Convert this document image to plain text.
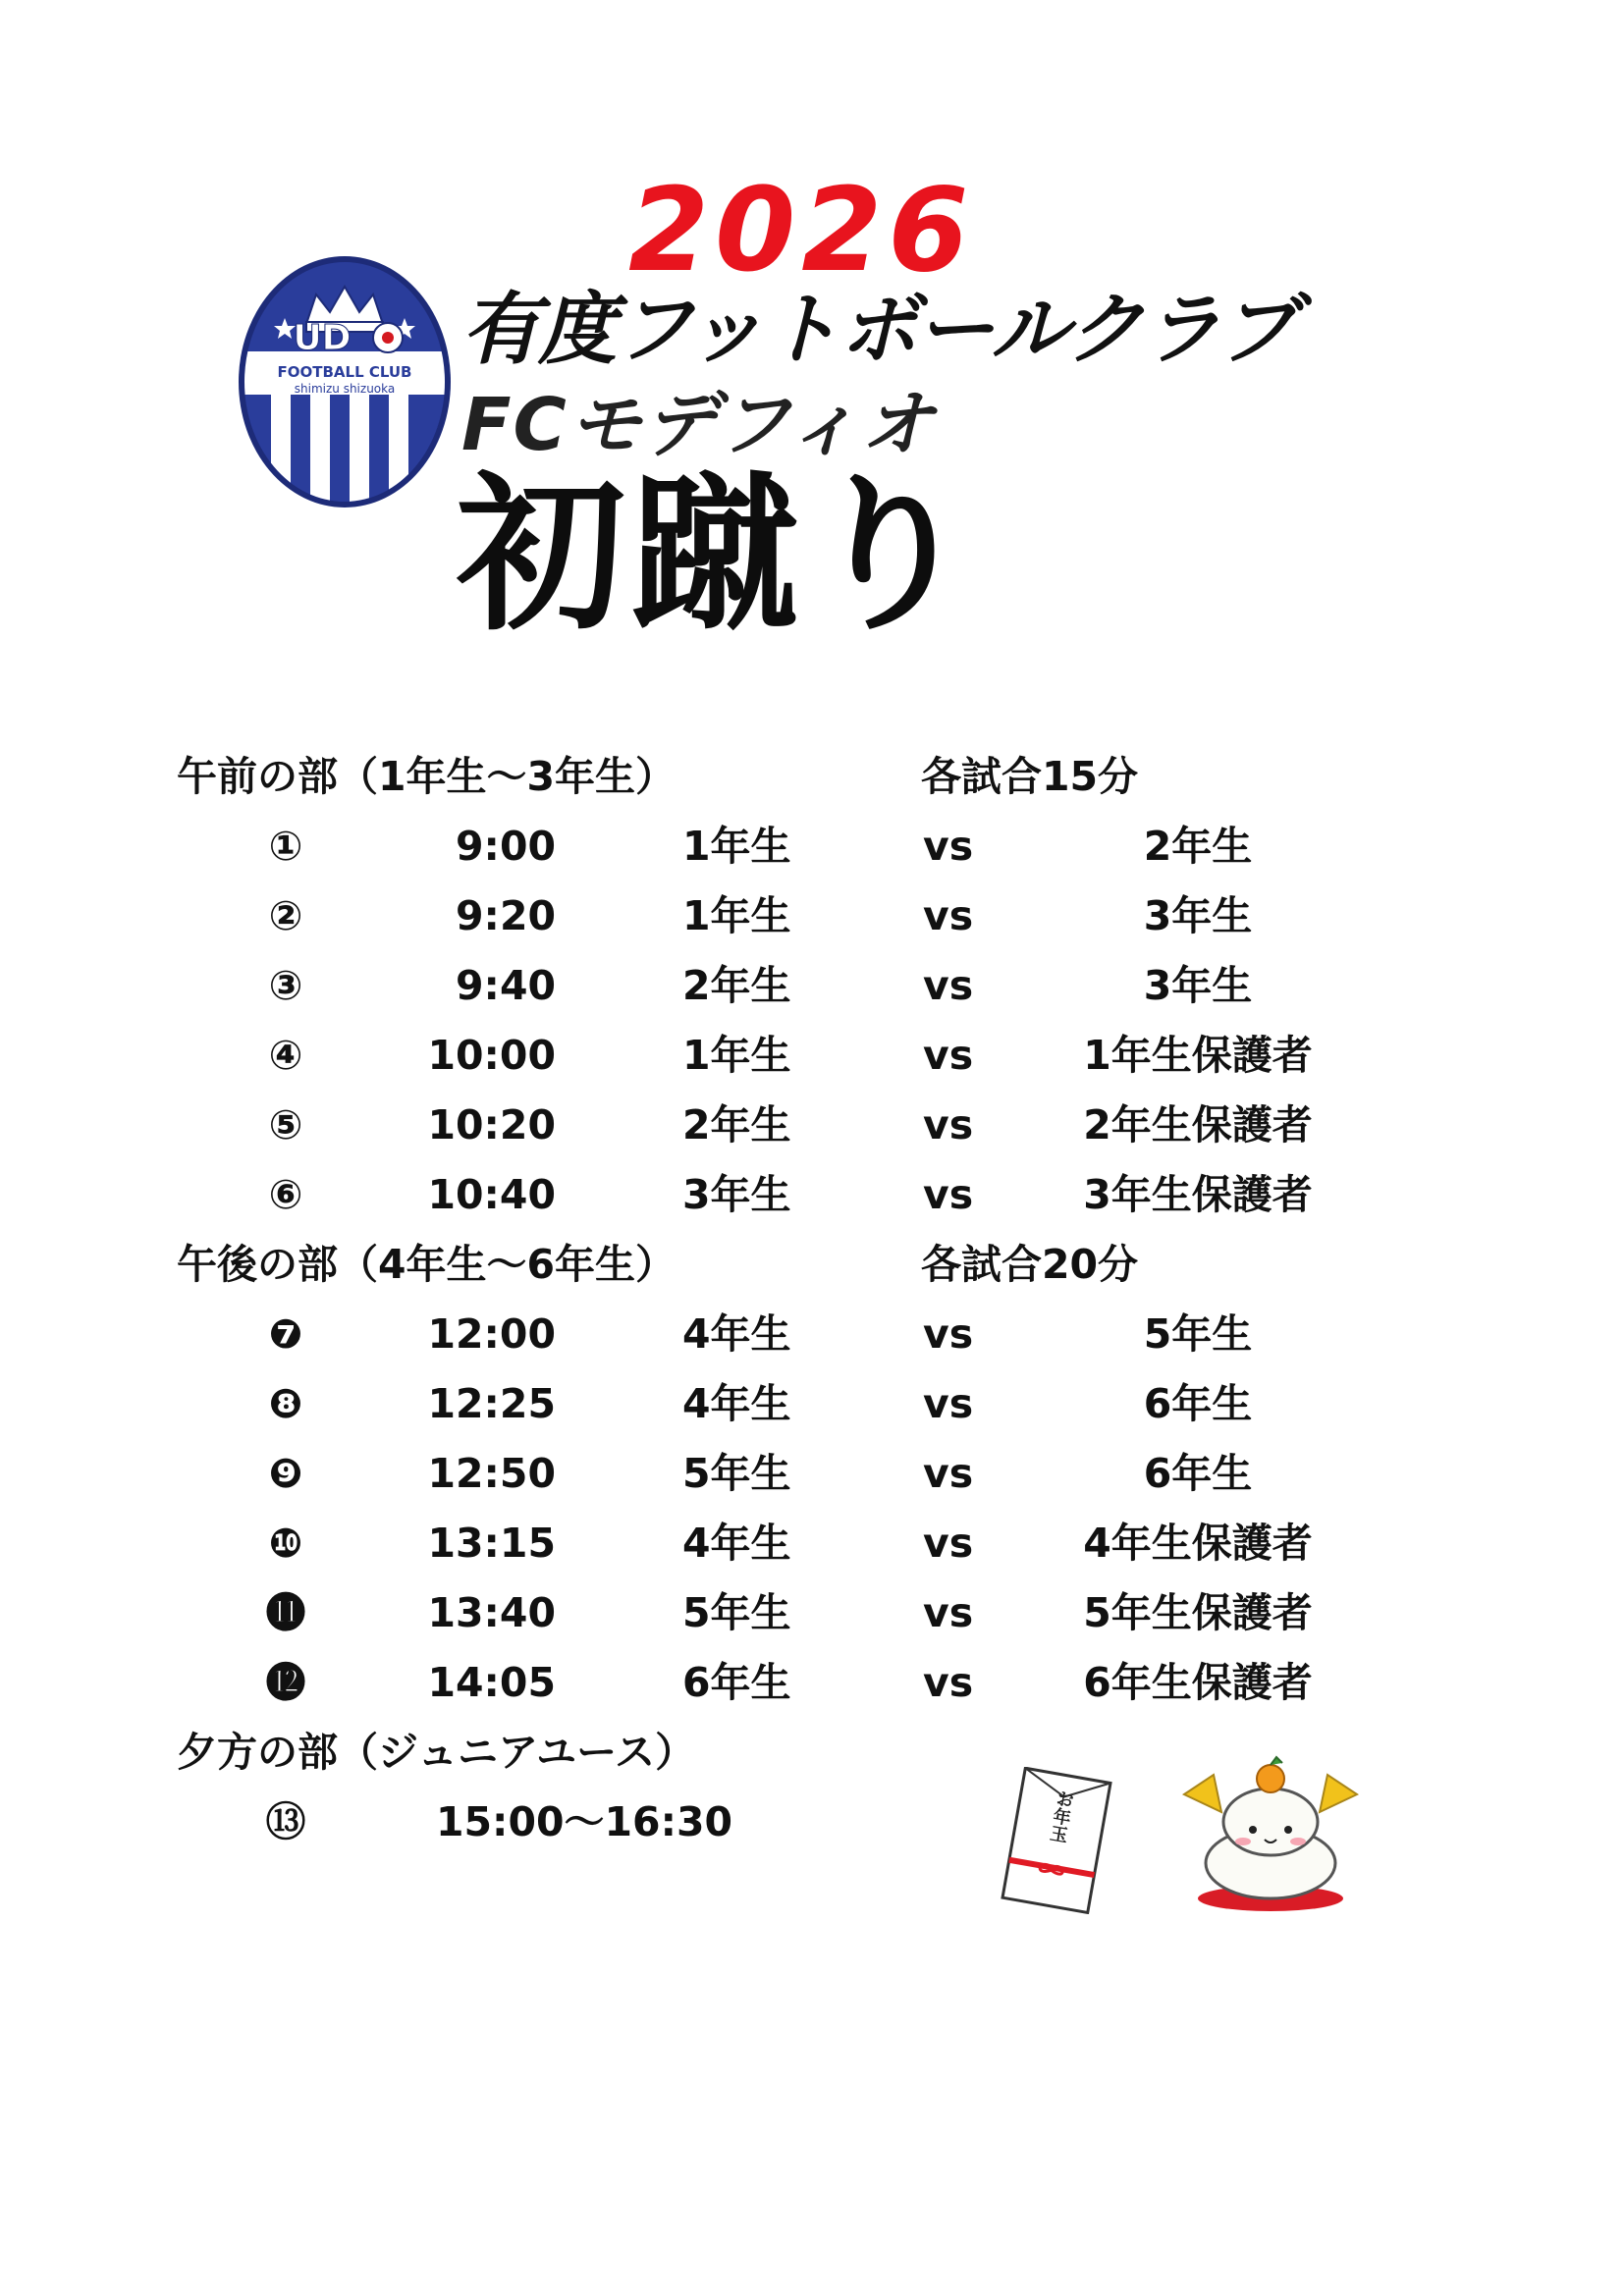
2026
UD
FOOTBALL CLUB
shimizu shizuoka
有度フットボールクラブ
FCモデフィオ
初蹴り
午前の部（1年生～3年生）	各試合15分
①	9:00	1年生	vs	2年生
②	9:20	1年生	vs	3年生
③	9:40	2年生	vs	3年生
④	10:00	1年生	vs	1年生保護者
⑤	10:20	2年生	vs	2年生保護者
⑥	10:40	3年生	vs	3年生保護者
午後の部（4年生～6年生）	各試合20分
❼	12:00	4年生	vs	5年生
❽	12:25	4年生	vs	6年生
❾	12:50	5年生	vs	6年生
❿	13:15	4年生	vs	4年生保護者
⓫	13:40	5年生	vs	5年生保護者
⓬	14:05	6年生	vs	6年生保護者
夕方の部（ジュニアユース）
⑬	15:00～16:30	お年玉
